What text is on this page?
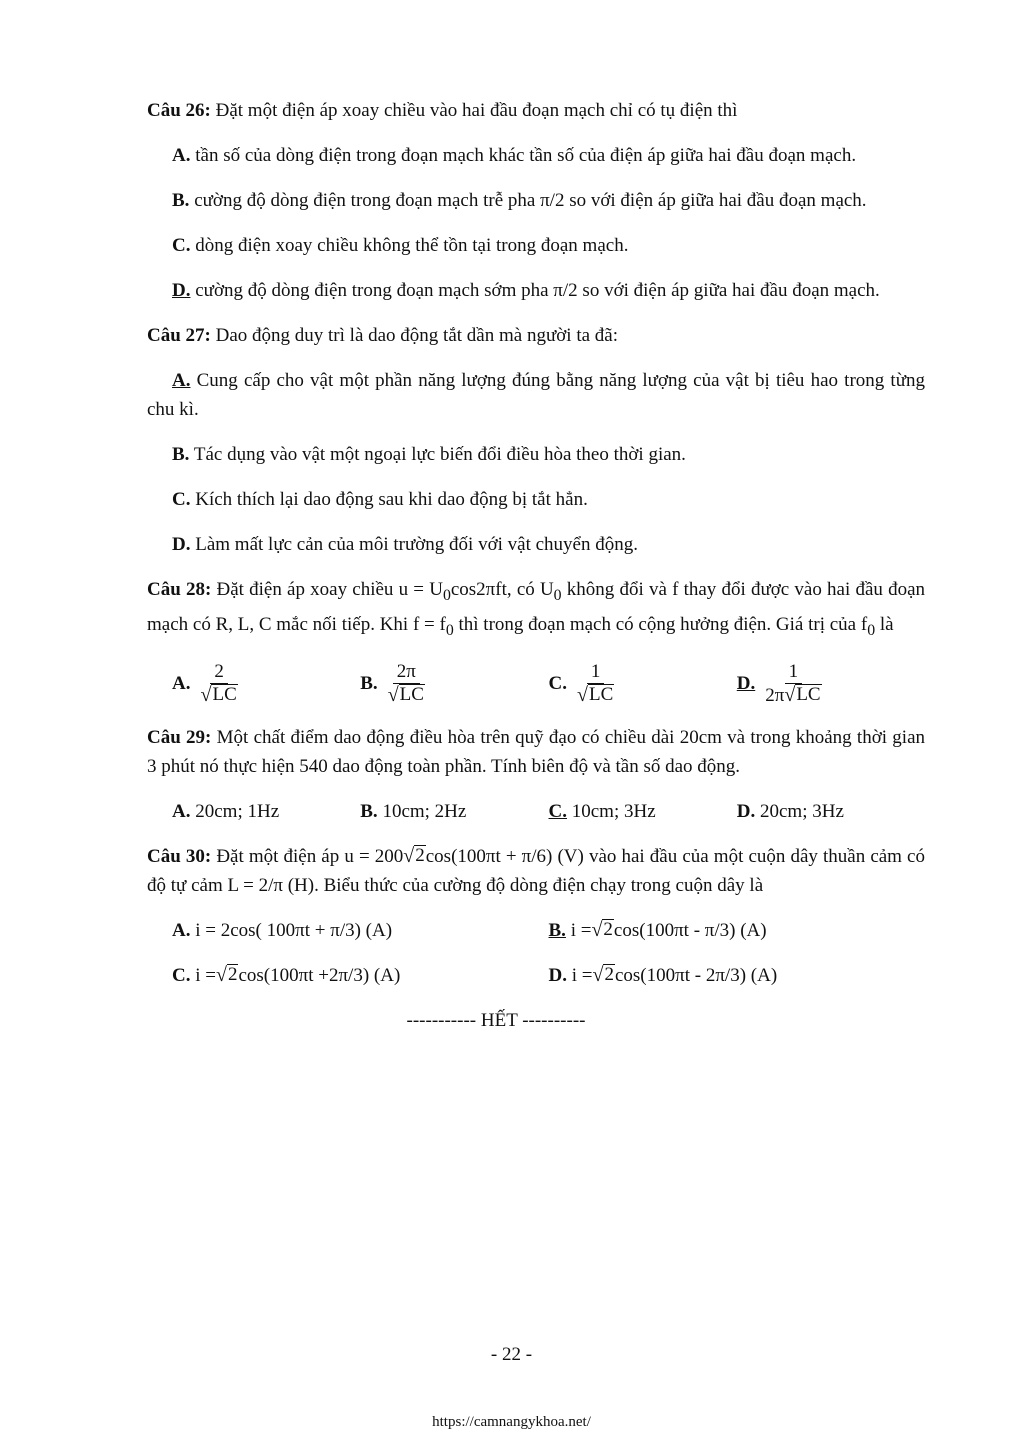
Câu 26: Đặt một điện áp xoay chiều vào hai đầu đoạn mạch chỉ có tụ điện thì

A. tần số của dòng điện trong đoạn mạch khác tần số của điện áp giữa hai đầu đoạn mạch.

B. cường độ dòng điện trong đoạn mạch trễ pha π/2 so với điện áp giữa hai đầu đoạn mạch.

C. dòng điện xoay chiều không thể tồn tại trong đoạn mạch.

D. cường độ dòng điện trong đoạn mạch sớm pha π/2 so với điện áp giữa hai đầu đoạn mạch.

Câu 27: Dao động duy trì là dao động tắt dần mà người ta đã:

A. Cung cấp cho vật một phần năng lượng đúng bằng năng lượng của vật bị tiêu hao trong từng chu kì.

B. Tác dụng vào vật một ngoại lực biến đổi điều hòa theo thời gian.

C. Kích thích lại dao động sau khi dao động bị tắt hẳn.

D. Làm mất lực cản của môi trường đối với vật chuyển động.

Câu 28: Đặt điện áp xoay chiều $u = U_0\cos 2\pi ft$, có $U_0$ không đổi và f thay đổi được vào hai đầu đoạn mạch có R, L, C mắc nối tiếp. Khi $f = f_0$ thì trong đoạn mạch có cộng hưởng điện. Giá trị của $f_0$ là

A. $\frac{2}{√ LC}$	B. $\frac{2\pi}{√ LC}$	C. $\frac{1}{√ LC}$	D. $\frac{1}{2\pi √ LC}$

Câu 29: Một chất điểm dao động điều hòa trên quỹ đạo có chiều dài 20cm và trong khoảng thời gian 3 phút nó thực hiện 540 dao động toàn phần. Tính biên độ và tần số dao động.

A. 20cm; 1Hz	B. 10cm; 2Hz	C. 10cm; 3Hz	D. 20cm; 3Hz

Câu 30: Đặt một điện áp u = 200 √ 2 cos(100πt + π/6) (V) vào hai đầu của một cuộn dây thuần cảm có độ tự cảm L = 2/π (H). Biểu thức của cường độ dòng điện chạy trong cuộn dây là

A. i = 2cos( 100πt + π/3) (A)	B. i = √ 2 cos(100πt - π/3) (A)
C. i = √ 2 cos(100πt +2π/3) (A)	D. i = √ 2 cos(100πt - 2π/3) (A)

----------- HẾT ----------

- 22 -
https://camnangykhoa.net/
